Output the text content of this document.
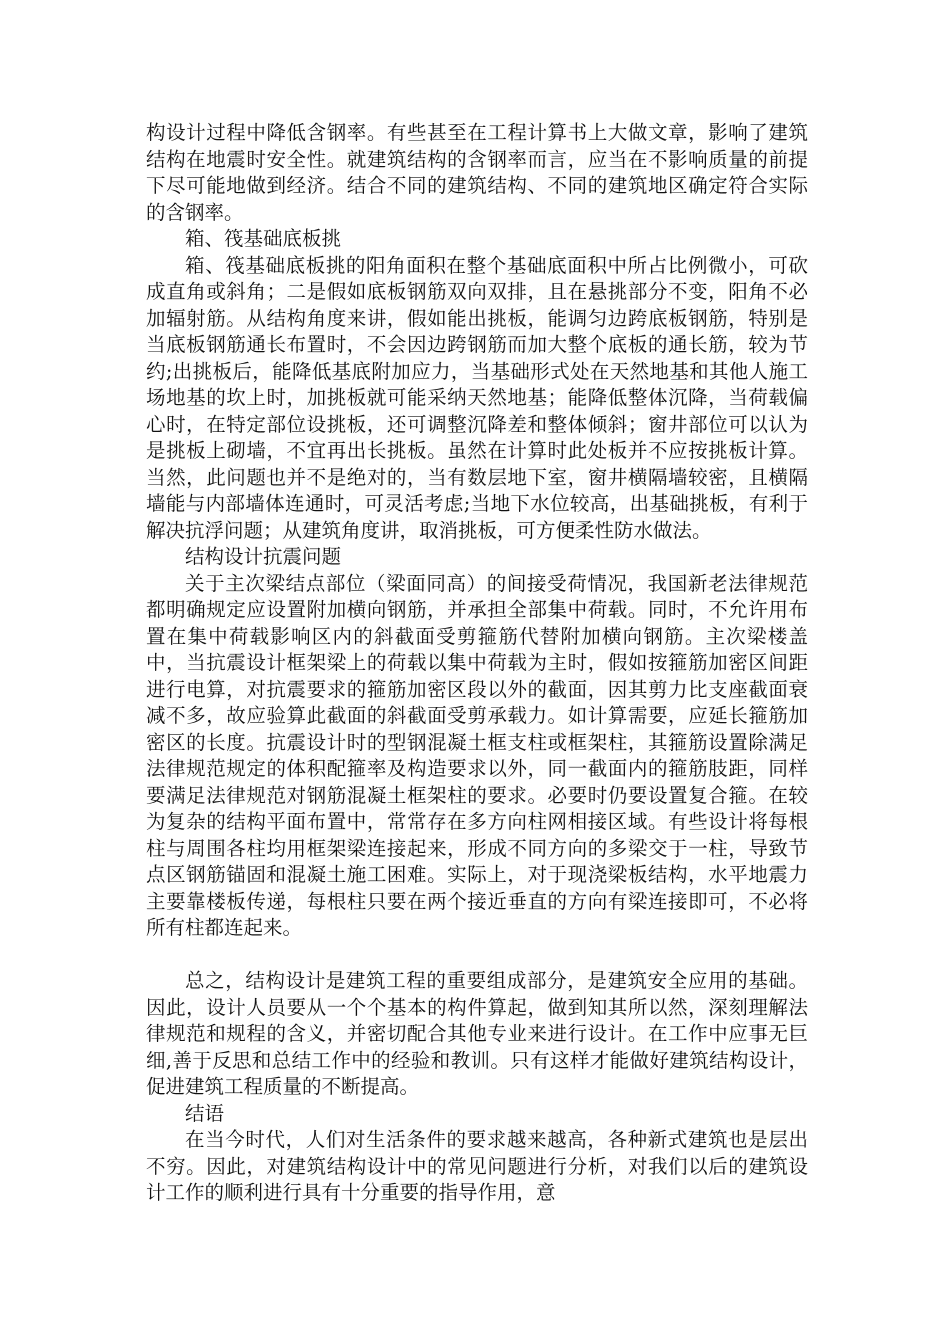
构设计过程中降低含钢率。有些甚至在工程计算书上大做文章，影响了建筑结构在地震时安全性。就建筑结构的含钢率而言，应当在不影响质量的前提下尽可能地做到经济。结合不同的建筑结构、不同的建筑地区确定符合实际的含钢率。

箱、筏基础底板挑

箱、筏基础底板挑的阳角面积在整个基础底面积中所占比例微小，可砍成直角或斜角；二是假如底板钢筋双向双排，且在悬挑部分不变，阳角不必加辐射筋。从结构角度来讲，假如能出挑板，能调匀边跨底板钢筋，特别是当底板钢筋通长布置时，不会因边跨钢筋而加大整个底板的通长筋，较为节约;出挑板后，能降低基底附加应力，当基础形式处在天然地基和其他人施工场地基的坎上时，加挑板就可能采纳天然地基；能降低整体沉降，当荷载偏心时，在特定部位设挑板，还可调整沉降差和整体倾斜；窗井部位可以认为是挑板上砌墙，不宜再出长挑板。虽然在计算时此处板并不应按挑板计算。当然，此问题也并不是绝对的，当有数层地下室，窗井横隔墙较密，且横隔墙能与内部墙体连通时，可灵活考虑;当地下水位较高，出基础挑板，有利于解决抗浮问题；从建筑角度讲，取消挑板，可方便柔性防水做法。

结构设计抗震问题

关于主次梁结点部位（梁面同高）的间接受荷情况，我国新老法律规范都明确规定应设置附加横向钢筋，并承担全部集中荷载。同时，不允许用布置在集中荷载影响区内的斜截面受剪箍筋代替附加横向钢筋。主次梁楼盖中，当抗震设计框架梁上的荷载以集中荷载为主时，假如按箍筋加密区间距进行电算，对抗震要求的箍筋加密区段以外的截面，因其剪力比支座截面衰减不多，故应验算此截面的斜截面受剪承载力。如计算需要，应延长箍筋加密区的长度。抗震设计时的型钢混凝土框支柱或框架柱，其箍筋设置除满足法律规范规定的体积配箍率及构造要求以外，同一截面内的箍筋肢距，同样要满足法律规范对钢筋混凝土框架柱的要求。必要时仍要设置复合箍。在较为复杂的结构平面布置中，常常存在多方向柱网相接区域。有些设计将每根柱与周围各柱均用框架梁连接起来，形成不同方向的多梁交于一柱，导致节点区钢筋锚固和混凝土施工困难。实际上，对于现浇梁板结构，水平地震力主要靠楼板传递，每根柱只要在两个接近垂直的方向有梁连接即可，不必将所有柱都连起来。

总之，结构设计是建筑工程的重要组成部分，是建筑安全应用的基础。因此，设计人员要从一个个基本的构件算起，做到知其所以然，深刻理解法律规范和规程的含义，并密切配合其他专业来进行设计。在工作中应事无巨细,善于反思和总结工作中的经验和教训。只有这样才能做好建筑结构设计，促进建筑工程质量的不断提高。

结语

在当今时代，人们对生活条件的要求越来越高，各种新式建筑也是层出不穷。因此，对建筑结构设计中的常见问题进行分析，对我们以后的建筑设计工作的顺利进行具有十分重要的指导作用，意
